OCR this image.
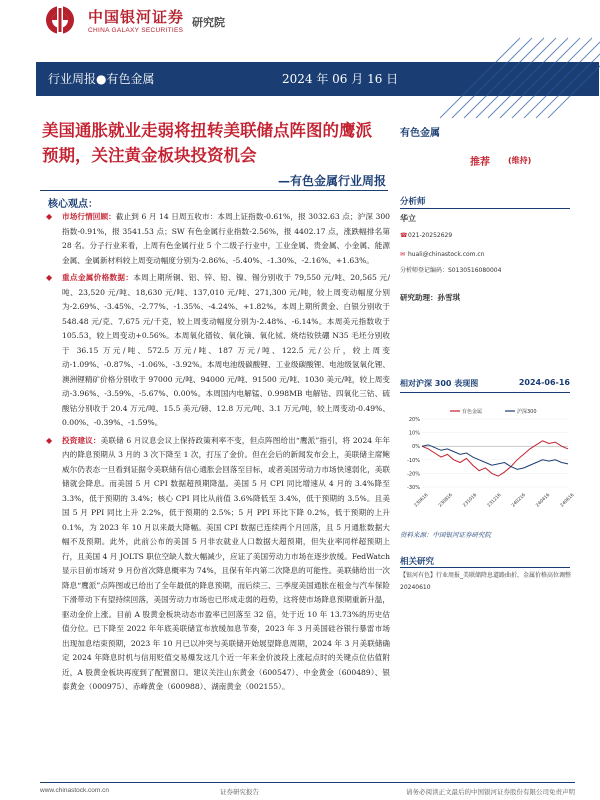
中国银河证券
CHINA GALAXY SECURITIES
研究院
行业周报●有色金属	2024 年 06 月 16 日
美国通胀就业走弱将扭转美联储点阵图的鹰派预期，关注黄金板块投资机会
—有色金属行业周报
核心观点：
◆ 市场行情回顾：截止到 6 月 14 日周五收市：本周上证指数-0.61%，报 3032.63 点；沪深 300 指数-0.91%，报 3541.53 点；SW 有色金属行业指数-2.56%，报 4402.17 点，涨跌幅排名第 28 名。分子行业来看，上周有色金属行业 5 个二级子行业中，工业金属、贵金属、小金属、能源金属、金属新材料较上周变动幅度分别为-2.86%、-5.40%、-1.30%、-2.16%、+1.63%。
◆ 重点金属价格数据：本周上期所铜、铝、锌、铅、镍、锡分别收于 79,550 元/吨、20,565 元/吨、23,520 元/吨、18,630 元/吨、137,010 元/吨、271,300 元/吨，较上周变动幅度分别为-2.69%、-3.45%、-2.77%、-1.35%、-4.24%、+1.82%。本周上期所黄金、白银分别收于 548.48 元/克、7,675 元/千克，较上周变动幅度分别为-2.48%、-6.14%。本周美元指数收于 105.53，较上周变动+0.56%。本周氧化镨钕、氧化镝、氧化铽、烧结钕铁硼 N35 毛坯分别收于 36.15 万元/吨、572.5 万元/吨、187 万元/吨、122.5 元/公斤，较上周变动-1.09%、-0.87%、-1.06%、-3.92%。本周电池级碳酸锂、工业级碳酸锂、电池级氢氧化锂、澳洲锂精矿价格分别收于 97000 元/吨、94000 元/吨、91500 元/吨、1030 美元/吨，较上周变动-3.96%、-3.59%、-5.67%、0.00%。本周国内电解锰、0.998MB 电解钴、四氧化三钴、硫酸钴分别收于 20.4 万元/吨、15.5 美元/磅、12.8 万元/吨、3.1 万元/吨，较上周变动-0.49%、0.00%、-0.39%、-1.59%。
◆ 投资建议：美联储 6 月议息会议上保持政策利率不变，但点阵图给出“鹰派”指引，将 2024 年年内的降息预期从 3 月的 3 次下降至 1 次，打压了金价。但在会后的新闻发布会上，美联储主席鲍威尔仍表态一旦看到证据令美联储有信心通胀会回落至目标，或者美国劳动力市场快速弱化，美联储就会降息。而美国 5 月 CPI 数据超预期降温。美国 5 月 CPI 同比增速从 4 月的 3.4%降至 3.3%，低于预期的 3.4%；核心 CPI 同比从前值 3.6%降低至 3.4%，低于预期的 3.5%。且美国 5 月 PPI 同比上升 2.2%，低于预期的 2.5%；5 月 PPI 环比下降 0.2%，低于预期的上升 0.1%，为 2023 年 10 月以来最大降幅。美国 CPI 数据已连续两个月回落，且 5 月通胀数据大幅不及预期。此外，此前公布的美国 5 月非农就业人口数据大超预期，但失业率同样超预期上行，且美国 4 月 JOLTS 职位空缺人数大幅减少，应证了美国劳动力市场在逐步放缓。FedWatch 显示目前市场对 9 月份首次降息概率为 74%，且保有年内第二次降息的可能性。美联储给出一次降息“鹰派”点阵图或已给出了全年最低的降息预期，而后续三、三季度美国通胀在租金与汽车保险下滑带动下有望持续回落，美国劳动力市场也已形成走弱的趋势，这将使市场降息预期重新升温，驱动金价上涨。目前 A 股黄金板块动态市盈率已回落至 32 倍，处于近 10 年 13.73%的历史估值分位。已下降至 2022 年年底美联储宣布放缓加息节奏，2023 年 3 月美国硅谷银行暴雷市场出现加息结束预期，2023 年 10 月已以冲突与美联储开始展望降息周期，2024 年 3 月美联储确定 2024 年降息时机与信用贬值交易爆发这几个近一年来金价波段上涨起点时的关键点位估值附近，A 股黄金板块再度到了配置窗口。建议关注山东黄金（600547）、中金黄金（600489）、银泰黄金（000975）、赤峰黄金（600988）、湖南黄金（002155）。
有色金属
推荐 (维持)
分析师
华立
☎021-20252629
✉ huali@chinastock.com.cn
分析师登记编码：S0130516080004
研究助理：孙雪琪
相对沪深 300 表现图	2024-06-16
20%
10%
0%
-10%
-20%
-30%
230616 230816 231016 231216 240216 240416 240616
有色金属	沪深300
资料来源：中国银河证券研究院
相关研究
【银河有色】行业周报_美联储降息道路曲折，金属价格高位调整 20240610
www.chinastock.com.cn	证券研究报告	请务必阅读正文最后的中国银河证券股份有限公司免责声明
